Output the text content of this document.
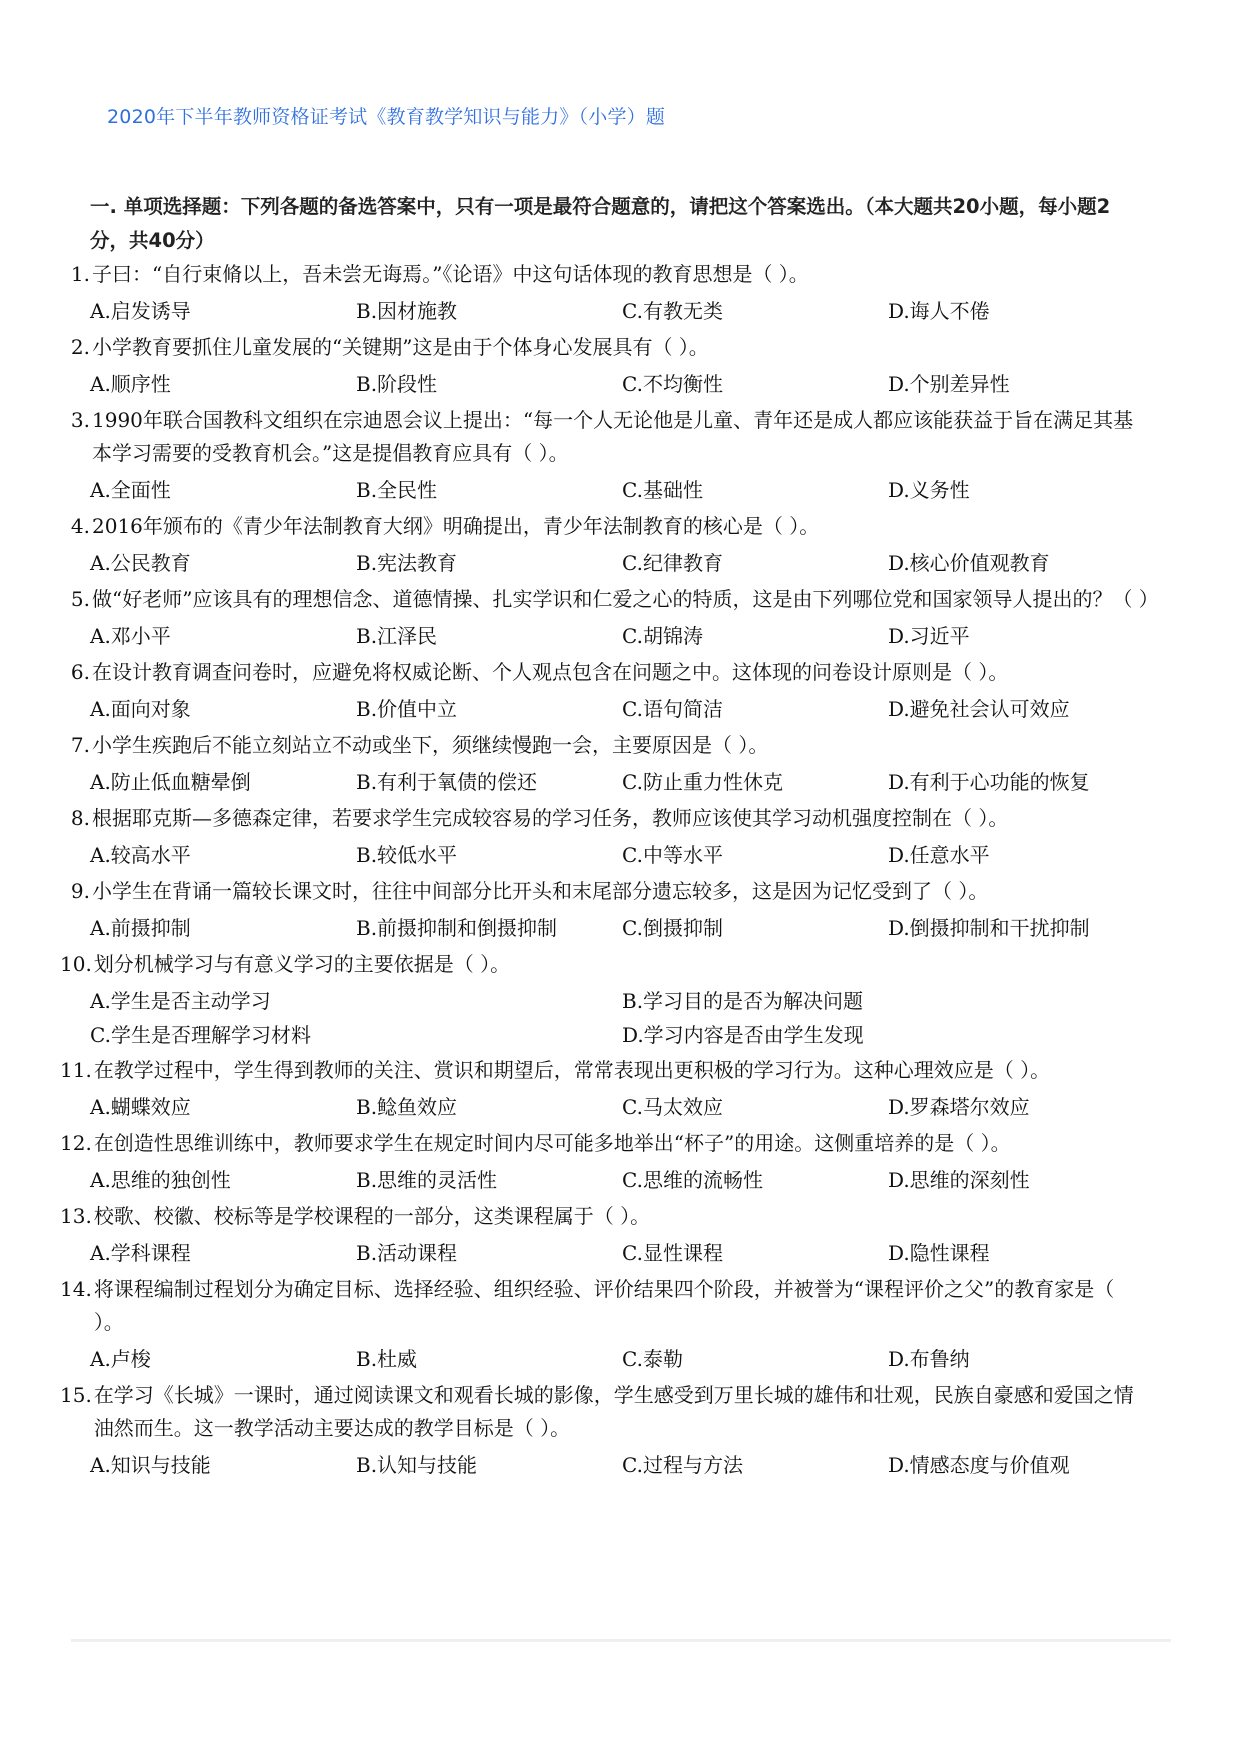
2020年下半年教师资格证考试《教育教学知识与能力》（小学）题
一. 单项选择题：下列各题的备选答案中，只有一项是最符合题意的，请把这个答案选出。（本大题共20小题，每小题2分，共40分）
1. 子曰：“自行束脩以上，吾未尝无诲焉。”《论语》中这句话体现的教育思想是（ ）。
A.启发诱导	B.因材施教	C.有教无类	D.诲人不倦
2. 小学教育要抓住儿童发展的“关键期”这是由于个体身心发展具有（ ）。
A.顺序性	B.阶段性	C.不均衡性	D.个别差异性
3. 1990年联合国教科文组织在宗迪恩会议上提出：“每一个人无论他是儿童、青年还是成人都应该能获益于旨在满足其基本学习需要的受教育机会。”这是提倡教育应具有（ ）。
A.全面性	B.全民性	C.基础性	D.义务性
4. 2016年颁布的《青少年法制教育大纲》明确提出，青少年法制教育的核心是（ ）。
A.公民教育	B.宪法教育	C.纪律教育	D.核心价值观教育
5. 做“好老师”应该具有的理想信念、道德情操、扎实学识和仁爱之心的特质，这是由下列哪位党和国家领导人提出的？（ ）
A.邓小平	B.江泽民	C.胡锦涛	D.习近平
6. 在设计教育调查问卷时，应避免将权威论断、个人观点包含在问题之中。这体现的问卷设计原则是（ ）。
A.面向对象	B.价值中立	C.语句简洁	D.避免社会认可效应
7. 小学生疾跑后不能立刻站立不动或坐下，须继续慢跑一会，主要原因是（ ）。
A.防止低血糖晕倒	B.有利于氧债的偿还	C.防止重力性休克	D.有利于心功能的恢复
8. 根据耶克斯—多德森定律，若要求学生完成较容易的学习任务，教师应该使其学习动机强度控制在（ ）。
A.较高水平	B.较低水平	C.中等水平	D.任意水平
9. 小学生在背诵一篇较长课文时，往往中间部分比开头和末尾部分遗忘较多，这是因为记忆受到了（ ）。
A.前摄抑制	B.前摄抑制和倒摄抑制	C.倒摄抑制	D.倒摄抑制和干扰抑制
10. 划分机械学习与有意义学习的主要依据是（ ）。
A.学生是否主动学习	B.学习目的是否为解决问题
C.学生是否理解学习材料	D.学习内容是否由学生发现
11. 在教学过程中，学生得到教师的关注、赏识和期望后，常常表现出更积极的学习行为。这种心理效应是（ ）。
A.蝴蝶效应	B.鲶鱼效应	C.马太效应	D.罗森塔尔效应
12. 在创造性思维训练中，教师要求学生在规定时间内尽可能多地举出“杯子”的用途。这侧重培养的是（ ）。
A.思维的独创性	B.思维的灵活性	C.思维的流畅性	D.思维的深刻性
13. 校歌、校徽、校标等是学校课程的一部分，这类课程属于（ ）。
A.学科课程	B.活动课程	C.显性课程	D.隐性课程
14. 将课程编制过程划分为确定目标、选择经验、组织经验、评价结果四个阶段，并被誉为“课程评价之父”的教育家是（ ）。
A.卢梭	B.杜威	C.泰勒	D.布鲁纳
15. 在学习《长城》一课时，通过阅读课文和观看长城的影像，学生感受到万里长城的雄伟和壮观，民族自豪感和爱国之情油然而生。这一教学活动主要达成的教学目标是（ ）。
A.知识与技能	B.认知与技能	C.过程与方法	D.情感态度与价值观
